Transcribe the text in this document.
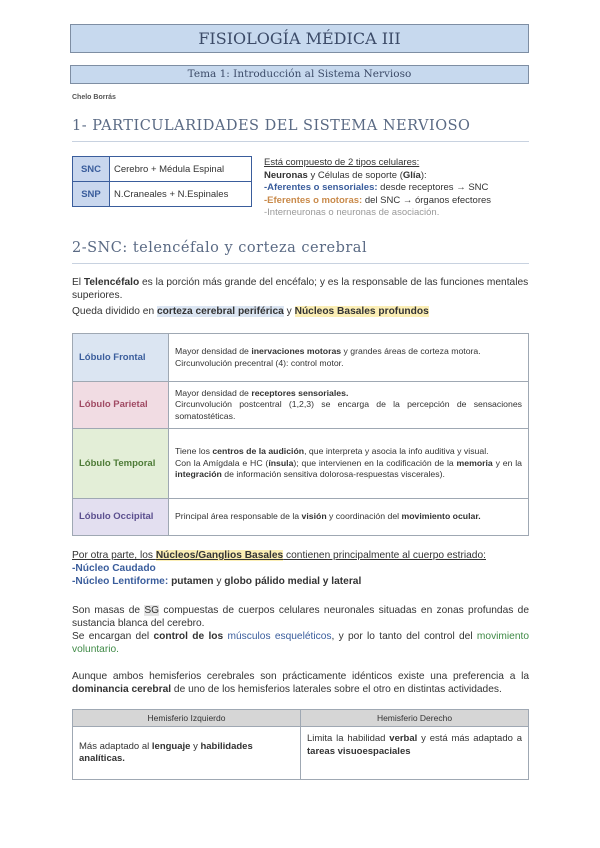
FISIOLOGÍA MÉDICA III
Tema 1: Introducción al Sistema Nervioso
Chelo Borrás
1- PARTICULARIDADES DEL SISTEMA NERVIOSO
SNC	Cerebro + Médula Espinal
SNP	N.Craneales + N.Espinales
Está compuesto de 2 tipos celulares:
Neuronas y Células de soporte (Glía):
-Aferentes o sensoriales: desde receptores → SNC
-Eferentes o motoras: del SNC → órganos efectores
-Interneuronas o neuronas de asociación.
2-SNC: telencéfalo y corteza cerebral
El Telencéfalo es la porción más grande del encéfalo; y es la responsable de las funciones mentales superiores.
Queda dividido en corteza cerebral periférica y Núcleos Basales profundos
Lóbulo Frontal	Mayor densidad de inervaciones motoras y grandes áreas de corteza motora.
Circunvolución precentral (4): control motor.
Lóbulo Parietal	Mayor densidad de receptores sensoriales.
Circunvolución postcentral (1,2,3) se encarga de la percepción de sensaciones somatostéticas.
Lóbulo Temporal	Tiene los centros de la audición, que interpreta y asocia la info auditiva y visual.
Con la Amígdala e HC (ínsula); que intervienen en la codificación de la memoria y en la integración de información sensitiva dolorosa-respuestas viscerales).
Lóbulo Occipital	Principal área responsable de la visión y coordinación del movimiento ocular.
Por otra parte, los Núcleos/Ganglios Basales contienen principalmente al cuerpo estriado:
-Núcleo Caudado
-Núcleo Lentiforme: putamen y globo pálido medial y lateral
Son masas de SG compuestas de cuerpos celulares neuronales situadas en zonas profundas de sustancia blanca del cerebro.
Se encargan del control de los músculos esqueléticos, y por lo tanto del control del movimiento voluntario.
Aunque ambos hemisferios cerebrales son prácticamente idénticos existe una preferencia a la dominancia cerebral de uno de los hemisferios laterales sobre el otro en distintas actividades.
Hemisferio Izquierdo	Hemisferio Derecho
Más adaptado al lenguaje y habilidades analíticas.	Limita la habilidad verbal y está más adaptado a tareas visuoespaciales
